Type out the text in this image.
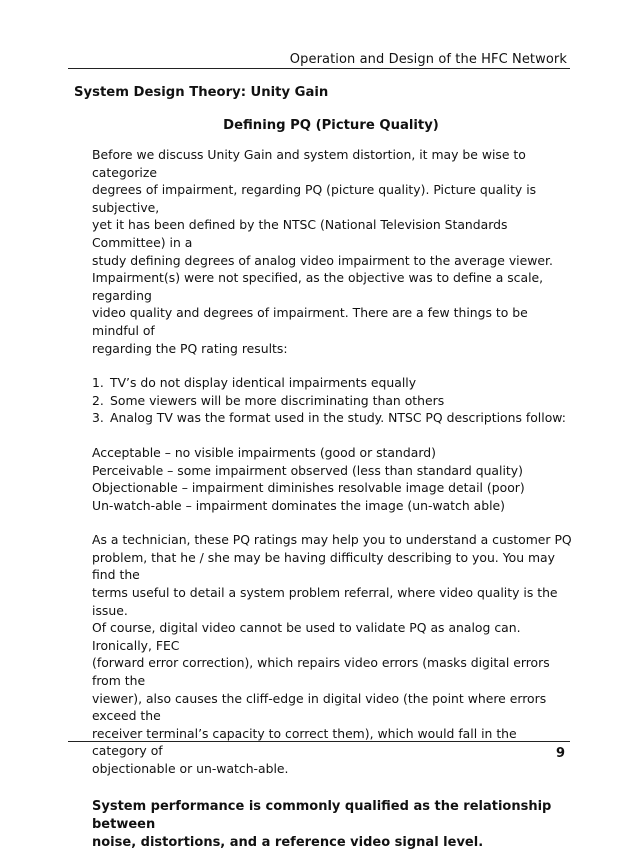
Operation and Design of the HFC Network
System Design Theory: Unity Gain
Defining PQ (Picture Quality)
Before we discuss Unity Gain and system distortion, it may be wise to categorize
degrees of impairment, regarding PQ (picture quality). Picture quality is subjective,
yet it has been defined by the NTSC (National Television Standards Committee) in a
study defining degrees of analog video impairment to the average viewer.
Impairment(s) were not specified, as the objective was to define a scale, regarding
video quality and degrees of impairment. There are a few things to be mindful of
regarding the PQ rating results:
1. TV’s do not display identical impairments equally
2. Some viewers will be more discriminating than others
3. Analog TV was the format used in the study. NTSC PQ descriptions follow:
Acceptable – no visible impairments (good or standard)
Perceivable – some impairment observed (less than standard quality)
Objectionable – impairment diminishes resolvable image detail (poor)
Un-watch-able – impairment dominates the image (un-watch able)
As a technician, these PQ ratings may help you to understand a customer PQ
problem, that he / she may be having difficulty describing to you. You may find the
terms useful to detail a system problem referral, where video quality is the issue.
Of course, digital video cannot be used to validate PQ as analog can. Ironically, FEC
(forward error correction), which repairs video errors (masks digital errors from the
viewer), also causes the cliff-edge in digital video (the point where errors exceed the
receiver terminal’s capacity to correct them), which would fall in the category of
objectionable or un-watch-able.
System performance is commonly qualified as the relationship between
noise, distortions, and a reference video signal level.
9
